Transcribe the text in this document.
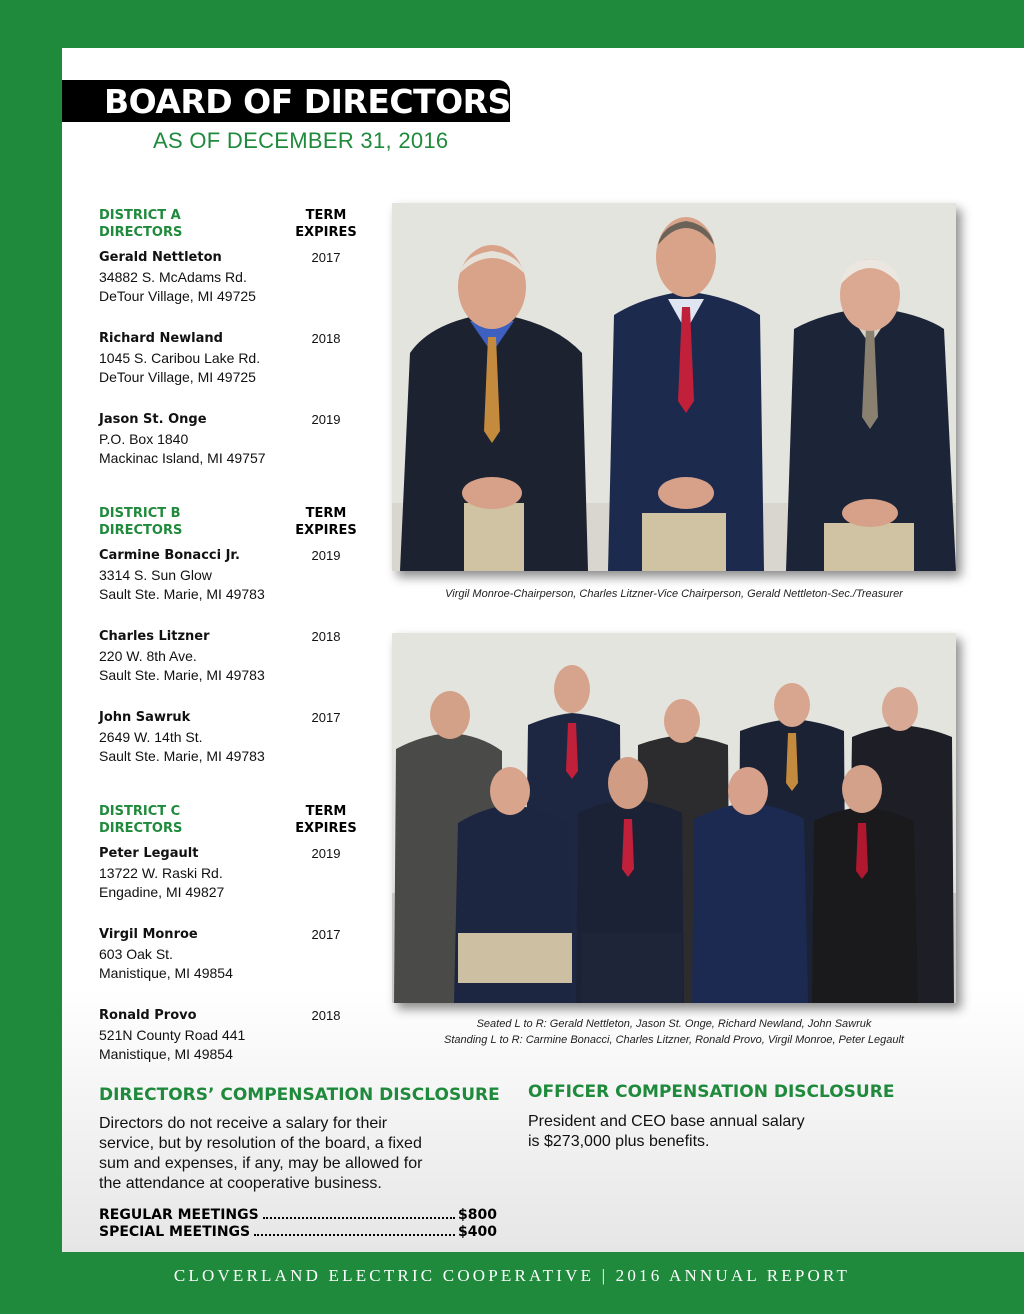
BOARD OF DIRECTORS
AS OF DECEMBER 31, 2016
DISTRICT A
DIRECTORS
TERM
EXPIRES
Gerald Nettleton
34882 S. McAdams Rd.
DeTour Village, MI 49725
2017
Richard Newland
1045 S. Caribou Lake Rd.
DeTour Village, MI 49725
2018
Jason St. Onge
P.O. Box 1840
Mackinac Island, MI 49757
2019
DISTRICT B
DIRECTORS
TERM
EXPIRES
Carmine Bonacci Jr.
3314 S. Sun Glow
Sault Ste. Marie, MI 49783
2019
Charles Litzner
220 W. 8th Ave.
Sault Ste. Marie, MI 49783
2018
John Sawruk
2649 W. 14th St.
Sault Ste. Marie, MI 49783
2017
DISTRICT C
DIRECTORS
TERM
EXPIRES
Peter Legault
13722 W. Raski Rd.
Engadine, MI 49827
2019
Virgil Monroe
603 Oak St.
Manistique, MI 49854
2017
Ronald Provo
521N County Road 441
Manistique, MI 49854
2018
Virgil Monroe-Chairperson, Charles Litzner-Vice Chairperson, Gerald Nettleton-Sec./Treasurer
Seated L to R: Gerald Nettleton, Jason St. Onge, Richard Newland, John Sawruk
Standing L to R: Carmine Bonacci, Charles Litzner, Ronald Provo, Virgil Monroe, Peter Legault
DIRECTORS’ COMPENSATION DISCLOSURE
Directors do not receive a salary for their
service, but by resolution of the board, a fixed
sum and expenses, if any, may be allowed for
the attendance at cooperative business.
REGULAR MEETINGS	$800
SPECIAL MEETINGS	$400
OFFICER COMPENSATION DISCLOSURE
President and CEO base annual salary
is $273,000 plus benefits.
CLOVERLAND ELECTRIC COOPERATIVE | 2016 ANNUAL REPORT
